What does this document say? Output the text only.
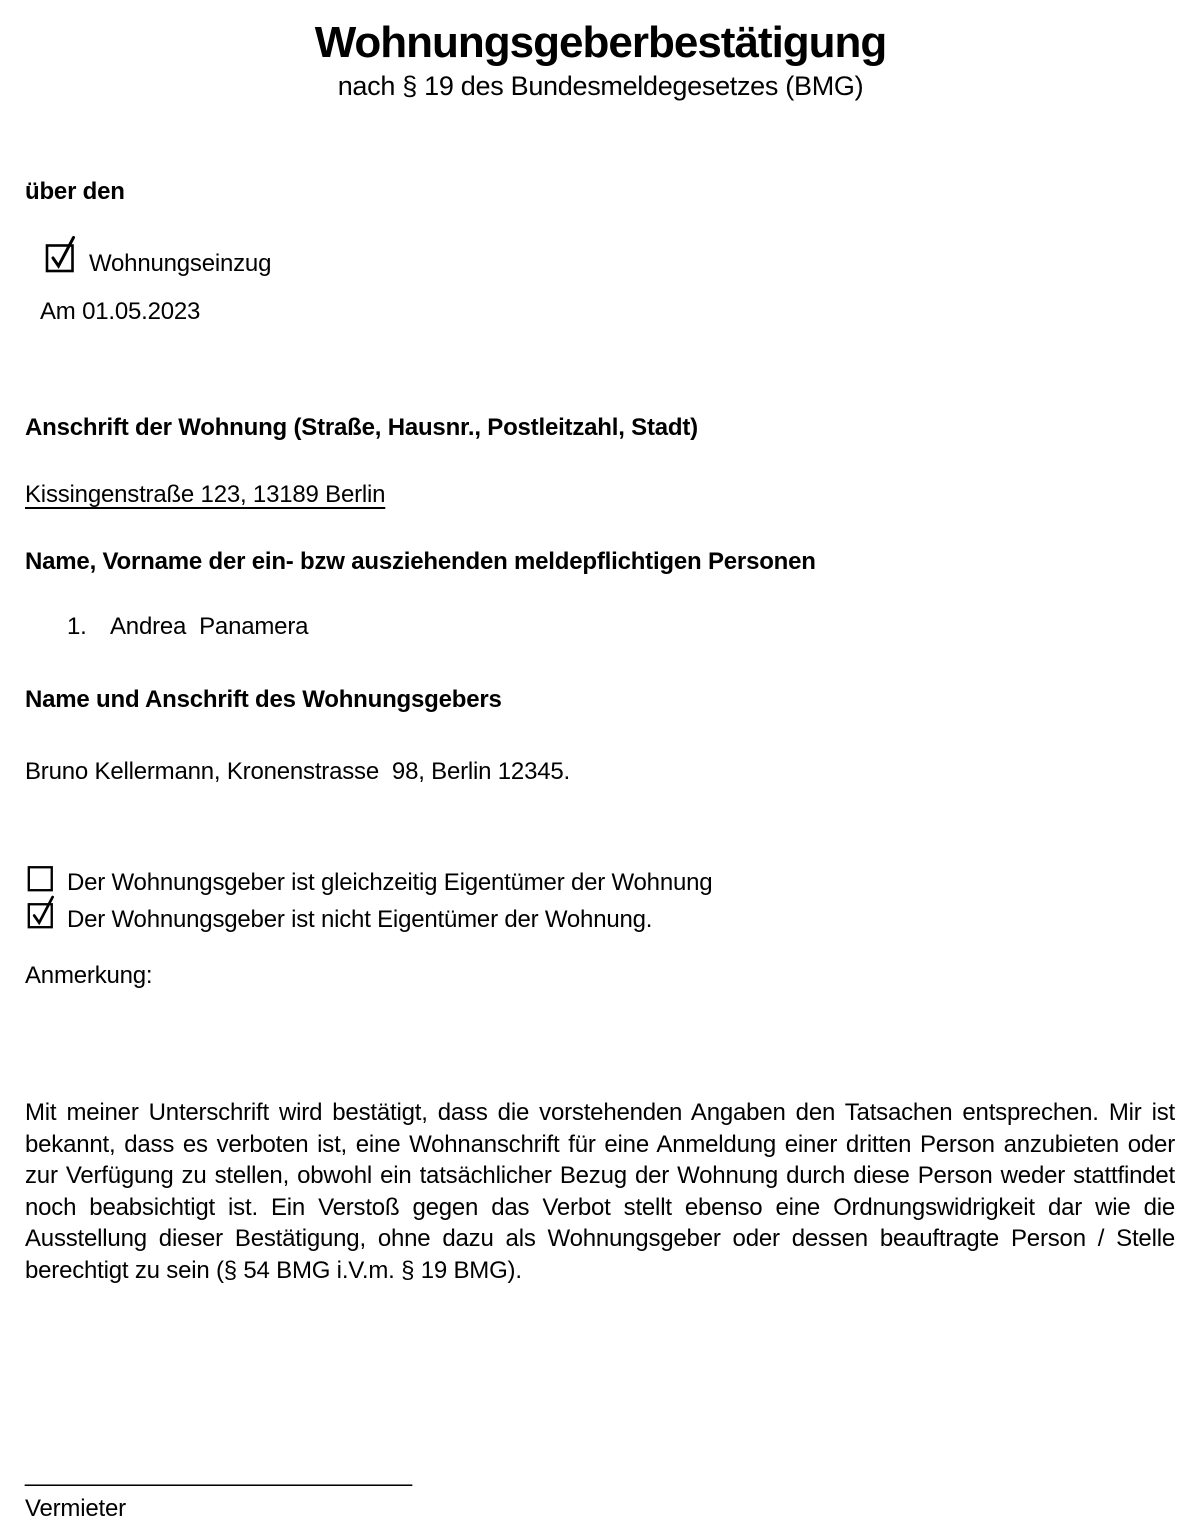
Wohnungsgeberbestätigung
nach § 19 des Bundesmeldegesetzes (BMG)
über den
Wohnungseinzug
Am 01.05.2023
Anschrift der Wohnung (Straße, Hausnr., Postleitzahl, Stadt)
Kissingenstraße 123, 13189 Berlin
Name, Vorname der ein- bzw ausziehenden meldepflichtigen Personen
1. Andrea  Panamera
Name und Anschrift des Wohnungsgebers
Bruno Kellermann, Kronenstrasse  98, Berlin 12345.
Der Wohnungsgeber ist gleichzeitig Eigentümer der Wohnung
Der Wohnungsgeber ist nicht Eigentümer der Wohnung.
Anmerkung:
Mit meiner Unterschrift wird bestätigt, dass die vorstehenden Angaben den Tatsachen entsprechen. Mir ist bekannt, dass es verboten ist, eine Wohnanschrift für eine Anmeldung einer dritten Person anzubieten oder zur Verfügung zu stellen, obwohl ein tatsächlicher Bezug der Wohnung durch diese Person weder stattfindet noch beabsichtigt ist. Ein Verstoß gegen das Verbot stellt ebenso eine Ordnungswidrigkeit dar wie die Ausstellung dieser Bestätigung, ohne dazu als Wohnungsgeber oder dessen beauftragte Person / Stelle berechtigt zu sein (§ 54 BMG i.V.m. § 19 BMG).
_____________________________
Vermieter
